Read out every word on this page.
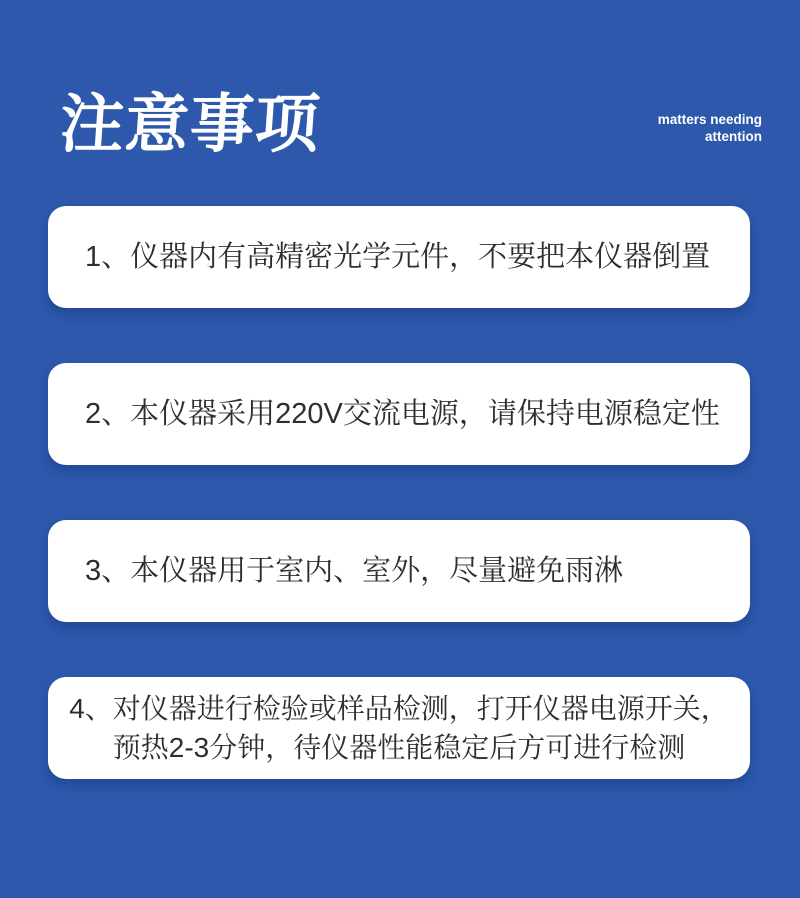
注意事项	matters needing attention
1、仪器内有高精密光学元件，不要把本仪器倒置
2、本仪器采用220V交流电源，请保持电源稳定性
3、本仪器用于室内、室外，尽量避免雨淋
4、对仪器进行检验或样品检测，打开仪器电源开关，
预热2-3分钟，待仪器性能稳定后方可进行检测
